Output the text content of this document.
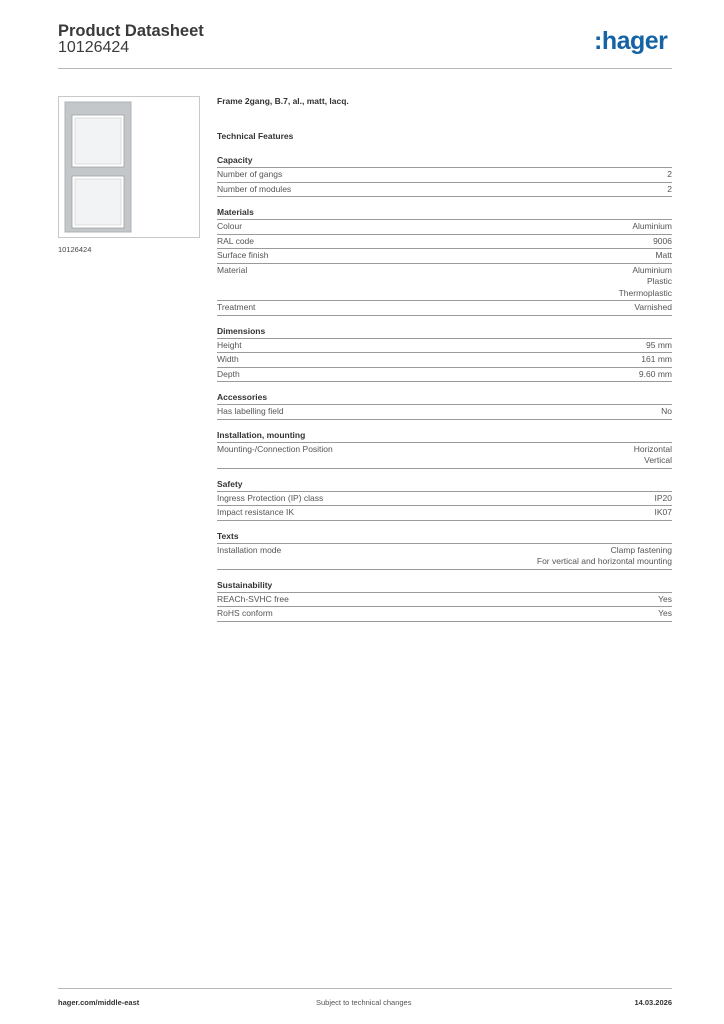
Product Datasheet
10126424	:hager
10126424
Frame 2gang, B.7, al., matt, lacq.
Technical Features
Capacity
Number of gangs	2
Number of modules	2
Materials
Colour	Aluminium
RAL code	9006
Surface finish	Matt
Material	Aluminium
Plastic
Thermoplastic
Treatment	Varnished
Dimensions
Height	95 mm
Width	161 mm
Depth	9.60 mm
Accessories
Has labelling field	No
Installation, mounting
Mounting-/Connection Position	Horizontal
Vertical
Safety
Ingress Protection (IP) class	IP20
Impact resistance IK	IK07
Texts
Installation mode	Clamp fastening
For vertical and horizontal mounting
Sustainability
REACh-SVHC free	Yes
RoHS conform	Yes
hager.com/middle-east	Subject to technical changes	14.03.2026
